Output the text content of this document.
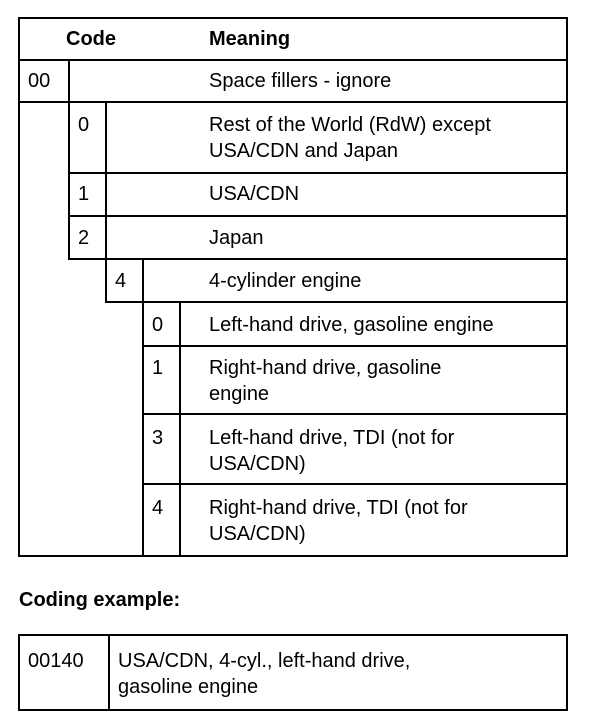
Code	Meaning
00	Space fillers - ignore
0	Rest of the World (RdW) except
USA/CDN and Japan
1	USA/CDN
2	Japan
4	4-cylinder engine
0 Left-hand drive, gasoline engine
1 Right-hand drive, gasoline
engine
3 Left-hand drive, TDI (not for
USA/CDN)
4 Right-hand drive, TDI (not for
USA/CDN)
Coding example:
00140 USA/CDN, 4-cyl., left-hand drive,
gasoline engine
